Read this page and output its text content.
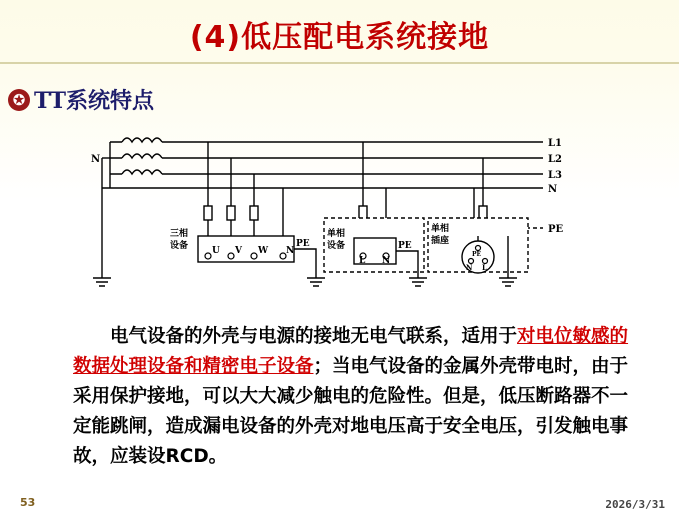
(4)低压配电系统接地
✪ TT系统特点
L1
L2
L3
N
PE
N
三相
设备	U V W N
PE
单相
设备
L N
PE
单相
插座
PE
N L
　　电气设备的外壳与电源的接地无电气联系，适用于对电位敏感的数据处理设备和精密电子设备；当电气设备的金属外壳带电时，由于采用保护接地，可以大大减少触电的危险性。但是，低压断路器不一定能跳闸，造成漏电设备的外壳对地电压高于安全电压，引发触电事故，应装设RCD。
53	2026/3/31
